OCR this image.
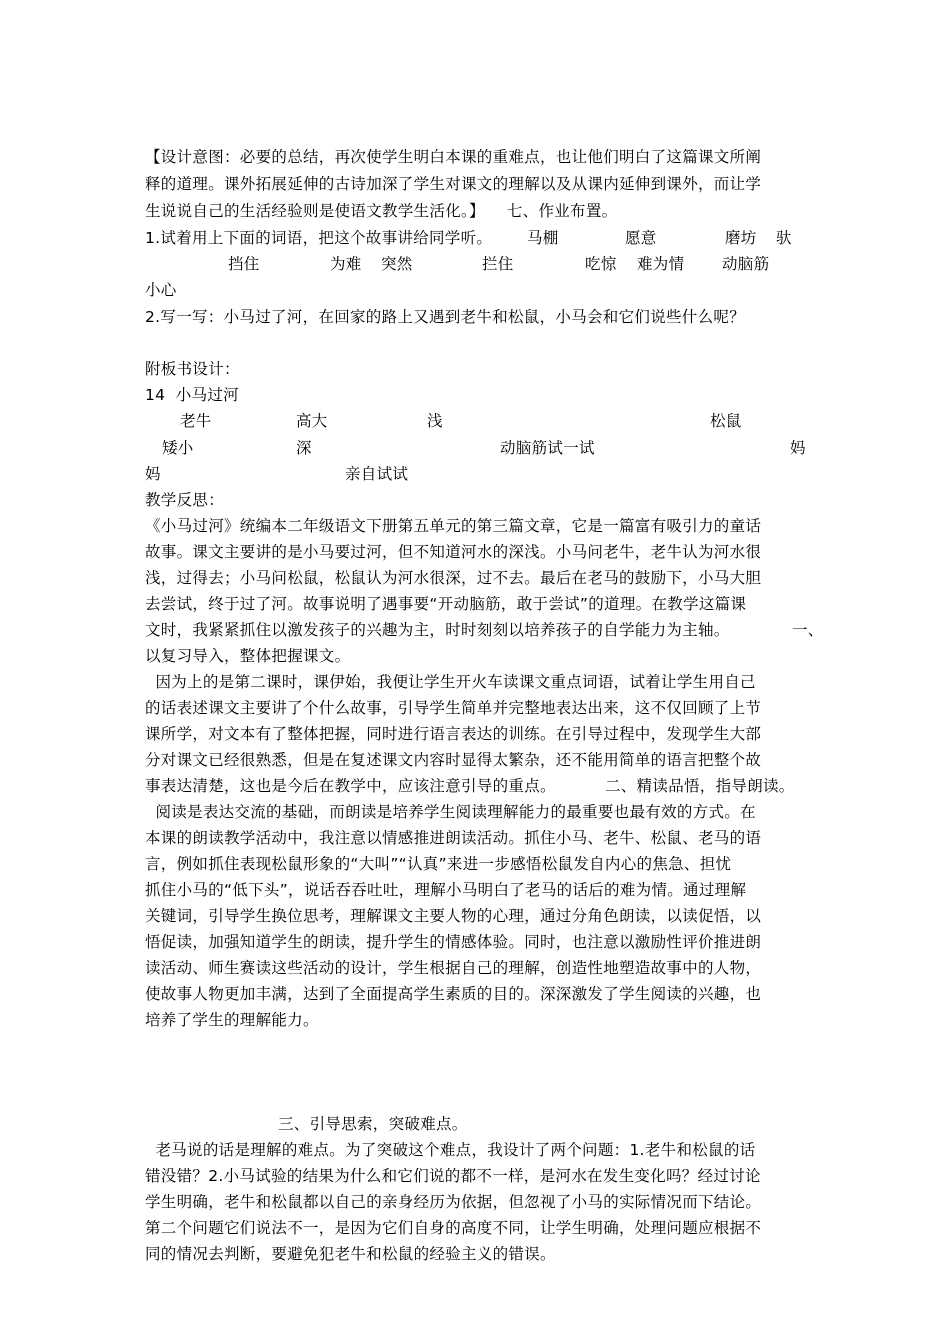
【设计意图：必要的总结，再次使学生明白本课的重难点，也让他们明白了这篇课文所阐
释的道理。课外拓展延伸的古诗加深了学生对课文的理解以及从课内延伸到课外，而让学
生说说自己的生活经验则是使语文教学生活化。】 七、作业布置。
1.试着用上下面的词语，把这个故事讲给同学听。 马棚	愿意	磨坊 驮
挡住	为难 突然	拦住	吃惊 难为情 动脑筋
小心
2.写一写：小马过了河，在回家的路上又遇到老牛和松鼠，小马会和它们说些什么呢？
附板书设计：
14  小马过河
老牛	高大	浅	松鼠
矮小	深	动脑筋试一试	妈
妈	亲自试试
教学反思：
《小马过河》统编本二年级语文下册第五单元的第三篇文章，它是一篇富有吸引力的童话
故事。课文主要讲的是小马要过河，但不知道河水的深浅。小马问老牛，老牛认为河水很
浅，过得去；小马问松鼠，松鼠认为河水很深，过不去。最后在老马的鼓励下，小马大胆
去尝试，终于过了河。故事说明了遇事要“开动脑筋，敢于尝试”的道理。在教学这篇课
文时，我紧紧抓住以激发孩子的兴趣为主，时时刻刻以培养孩子的自学能力为主轴。	一、
以复习导入，整体把握课文。
因为上的是第二课时，课伊始，我便让学生开火车读课文重点词语，试着让学生用自己
的话表述课文主要讲了个什么故事，引导学生简单并完整地表达出来，这不仅回顾了上节
课所学，对文本有了整体把握，同时进行语言表达的训练。在引导过程中，发现学生大部
分对课文已经很熟悉，但是在复述课文内容时显得太繁杂，还不能用简单的语言把整个故
事表达清楚，这也是今后在教学中，应该注意引导的重点。	二、精读品悟，指导朗读。
阅读是表达交流的基础，而朗读是培养学生阅读理解能力的最重要也最有效的方式。在
本课的朗读教学活动中，我注意以情感推进朗读活动。抓住小马、老牛、松鼠、老马的语
言，例如抓住表现松鼠形象的“大叫”“认真”来进一步感悟松鼠发自内心的焦急、担忧
抓住小马的“低下头”，说话吞吞吐吐，理解小马明白了老马的话后的难为情。通过理解
关键词，引导学生换位思考，理解课文主要人物的心理，通过分角色朗读，以读促悟，以
悟促读，加强知道学生的朗读，提升学生的情感体验。同时，也注意以激励性评价推进朗
读活动、师生赛读这些活动的设计，学生根据自己的理解，创造性地塑造故事中的人物，
使故事人物更加丰满，达到了全面提高学生素质的目的。深深激发了学生阅读的兴趣，也
培养了学生的理解能力。
三、引导思索，突破难点。
老马说的话是理解的难点。为了突破这个难点，我设计了两个问题：1.老牛和松鼠的话
错没错？2.小马试验的结果为什么和它们说的都不一样，是河水在发生变化吗？经过讨论
学生明确，老牛和松鼠都以自己的亲身经历为依据，但忽视了小马的实际情况而下结论。
第二个问题它们说法不一，是因为它们自身的高度不同，让学生明确，处理问题应根据不
同的情况去判断，要避免犯老牛和松鼠的经验主义的错误。
